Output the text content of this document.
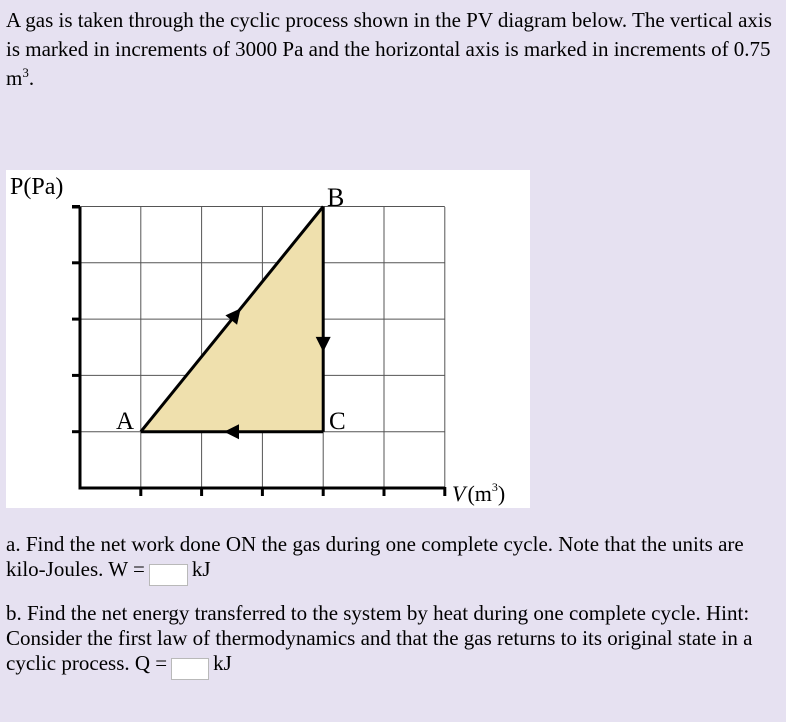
A gas is taken through the cyclic process shown in the PV diagram below. The vertical axis is marked in increments of 3000 Pa and the horizontal axis is marked in increments of 0.75 $m^3$.

P(Pa)
A
B
C
$V(m^3)$

a. Find the net work done ON the gas during one complete cycle. Note that the units are kilo-Joules. W = kJ

b. Find the net energy transferred to the system by heat during one complete cycle. Hint: Consider the first law of thermodynamics and that the gas returns to its original state in a cyclic process. Q = kJ
